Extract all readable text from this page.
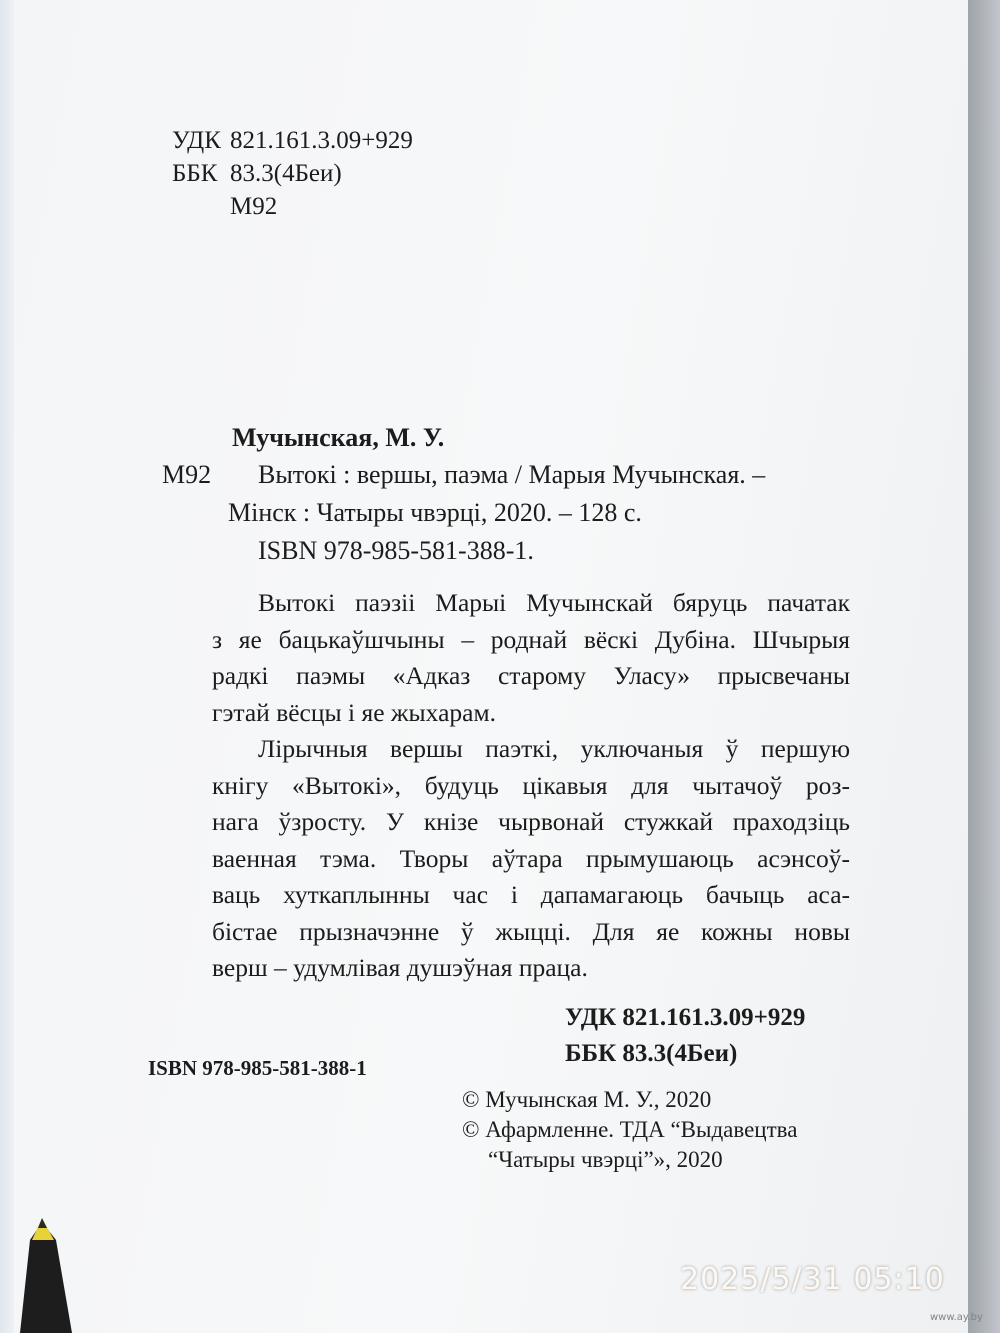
УДК 821.161.3.09+929
ББК 83.3(4Беи)
М92
Мучынская, М. У.
М92 Вытокі : вершы, паэма / Марыя Мучынская. –
Мінск : Чатыры чвэрці, 2020. – 128 с.
ISBN 978-985-581-388-1.
Вытокі паэзіі Марыі Мучынскай бяруць пачатак
з яе бацькаўшчыны – роднай вёскі Дубіна. Шчырыя
радкі паэмы «Адказ старому Уласу» прысвечаны
гэтай вёсцы і яе жыхарам.
Лірычныя вершы паэткі, уключаныя ў першую
кнігу «Вытокі», будуць цікавыя для чытачоў роз-
нага ўзросту. У кнізе чырвонай стужкай праходзіць
ваенная тэма. Творы аўтара прымушаюць асэнсоў-
ваць хуткаплынны час і дапамагаюць бачыць аса-
бістае прызначэнне ў жыцці. Для яе кожны новы
верш – удумлівая душэўная праца.
УДК 821.161.3.09+929
ББК 83.3(4Беи)
ISBN 978-985-581-388-1
© Мучынская М. У., 2020
© Афармленне. ТДА “Выдавецтва
“Чатыры чвэрці”», 2020
2025/5/31 05:10
www.ay.by
